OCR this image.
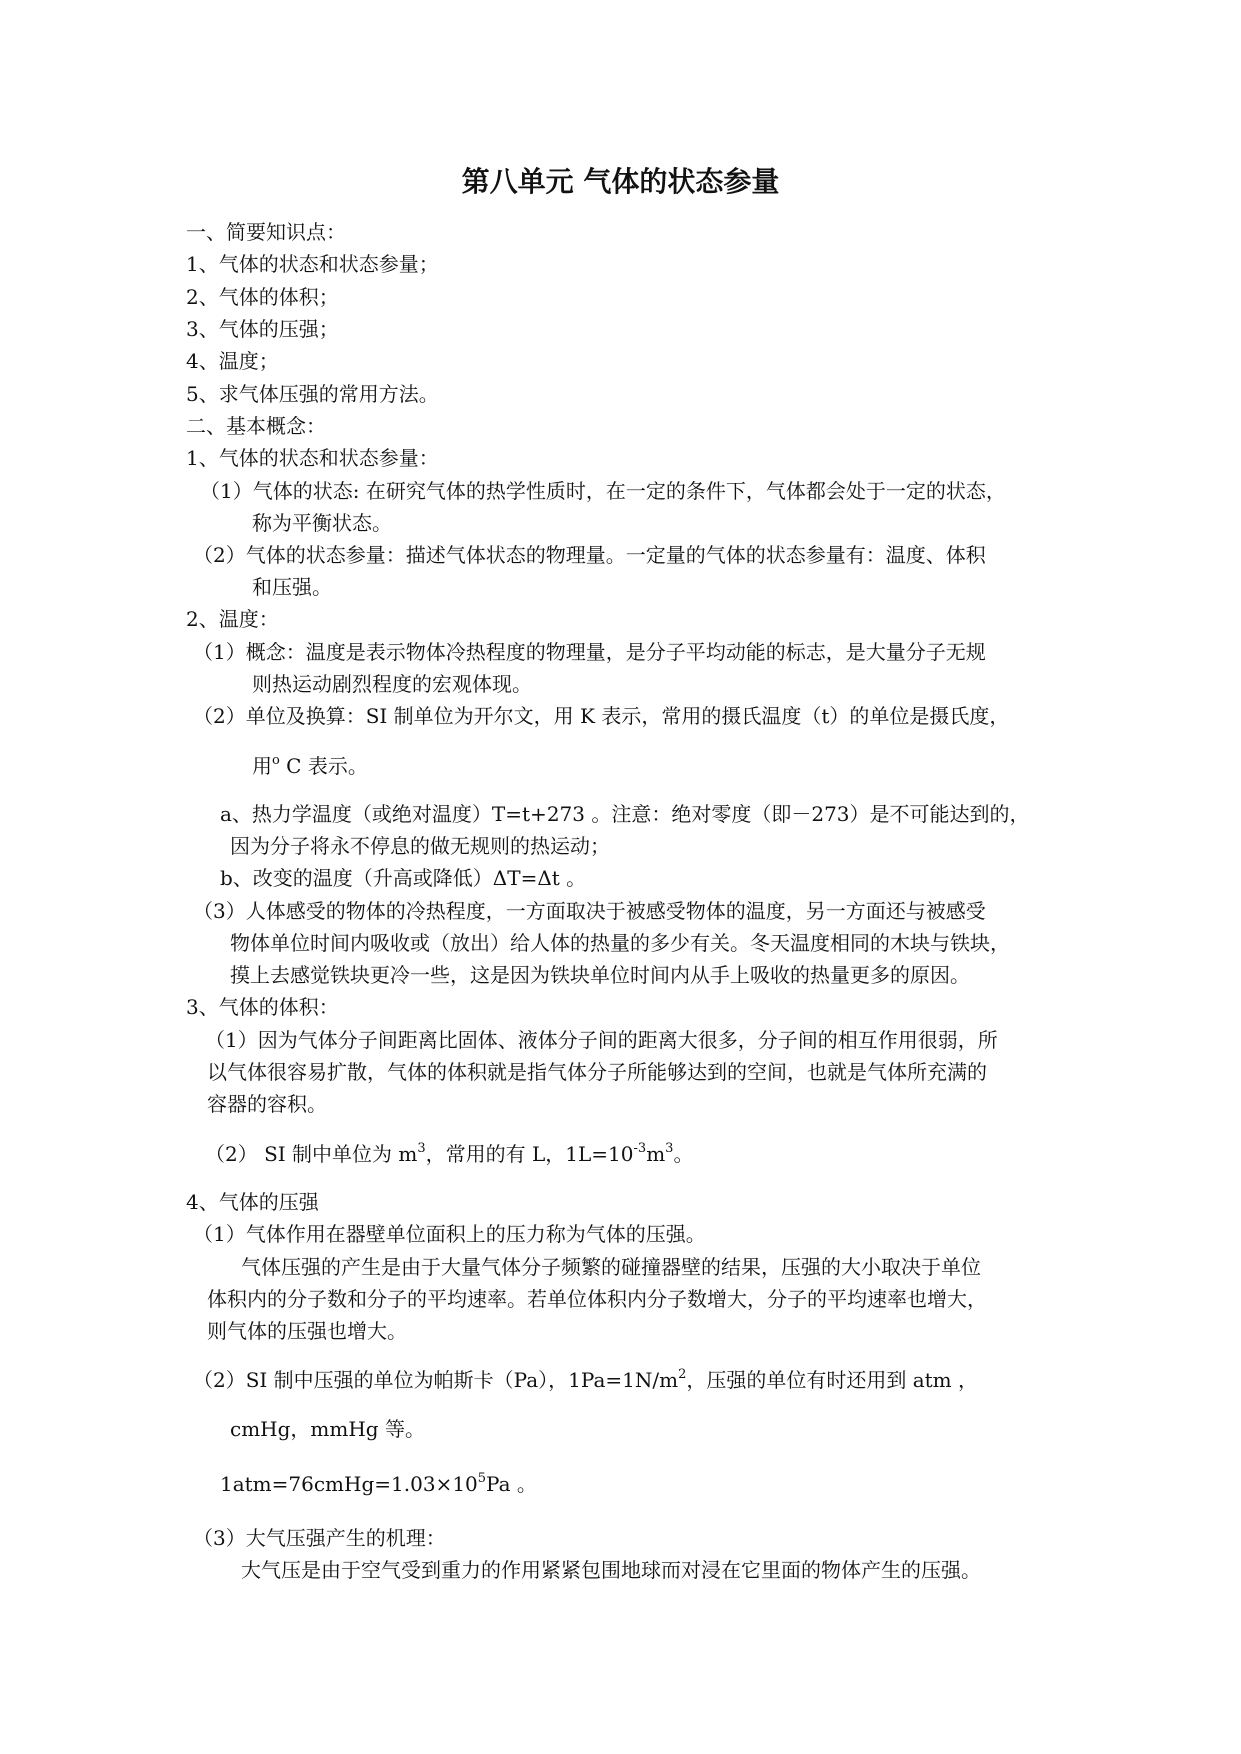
第八单元 气体的状态参量
一、简要知识点：
1、气体的状态和状态参量；
2、气体的体积；
3、气体的压强；
4、温度；
5、求气体压强的常用方法。
二、基本概念：
1、气体的状态和状态参量：
（1）气体的状态: 在研究气体的热学性质时，在一定的条件下，气体都会处于一定的状态，
称为平衡状态。
（2）气体的状态参量：描述气体状态的物理量。一定量的气体的状态参量有：温度、体积
和压强。
2、温度：
（1）概念：温度是表示物体冷热程度的物理量，是分子平均动能的标志，是大量分子无规
则热运动剧烈程度的宏观体现。
（2）单位及换算：SI 制单位为开尔文，用 K 表示，常用的摄氏温度（t）的单位是摄氏度，
用$^o$ C 表示。
a、热力学温度（或绝对温度）T=t+273 。注意：绝对零度（即－273）是不可能达到的，
因为分子将永不停息的做无规则的热运动；
b、改变的温度（升高或降低）ΔT=Δt 。
（3）人体感受的物体的冷热程度，一方面取决于被感受物体的温度，另一方面还与被感受
物体单位时间内吸收或（放出）给人体的热量的多少有关。冬天温度相同的木块与铁块，
摸上去感觉铁块更冷一些，这是因为铁块单位时间内从手上吸收的热量更多的原因。
3、气体的体积：
（1）因为气体分子间距离比固体、液体分子间的距离大很多，分子间的相互作用很弱，所
以气体很容易扩散，气体的体积就是指气体分子所能够达到的空间，也就是气体所充满的
容器的容积。
（2） SI 制中单位为 $m^3$，常用的有 L，$1L=10^{-3}m^3$。
4、气体的压强
（1）气体作用在器壁单位面积上的压力称为气体的压强。
气体压强的产生是由于大量气体分子频繁的碰撞器壁的结果，压强的大小取决于单位
体积内的分子数和分子的平均速率。若单位体积内分子数增大，分子的平均速率也增大，
则气体的压强也增大。
（2）SI 制中压强的单位为帕斯卡（Pa），$1Pa=1N/m^2$，压强的单位有时还用到 atm ，
cmHg，mmHg 等。
$1atm=76cmHg=1.03\times 10^5Pa$ 。
（3）大气压强产生的机理：
大气压是由于空气受到重力的作用紧紧包围地球而对浸在它里面的物体产生的压强。
